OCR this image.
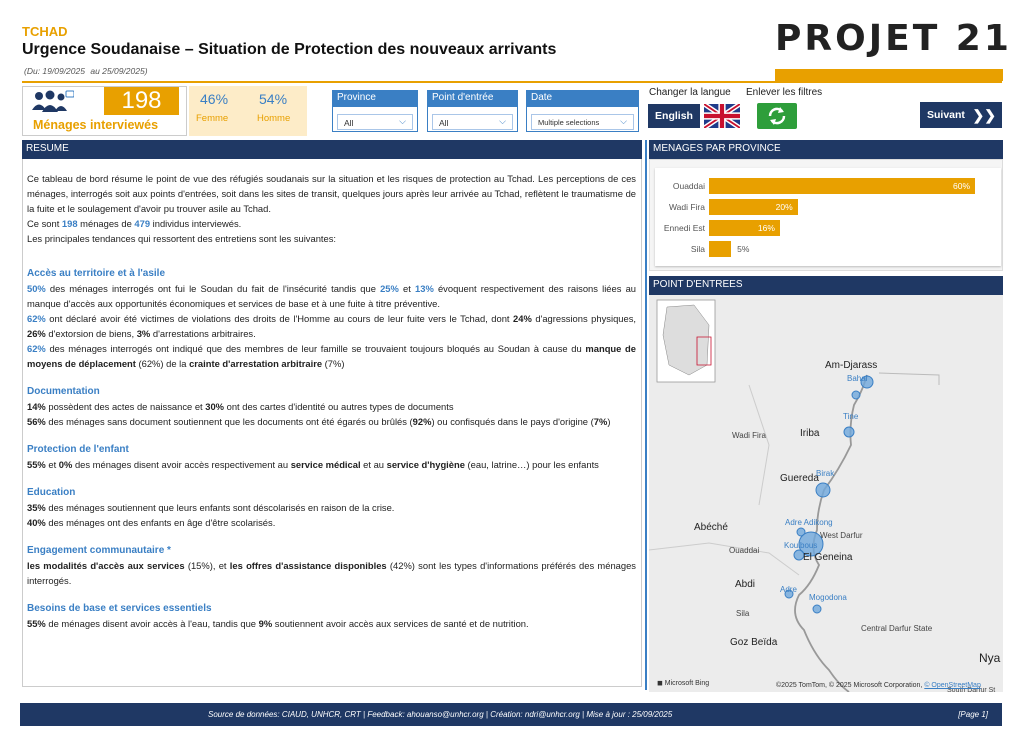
TCHAD
Urgence Soudanaise – Situation de Protection des nouveaux arrivants
(Du: 19/09/2025 au 25/09/2025)
PROJET 21
198
Ménages interviewés
46%
Femme
54%
Homme
Province
All	⌵
Point d'entrée
All	⌵
Date
Multiple selections ⌵
Changer la langue Enlever les filtres
English	Suivant ❯❯
RESUME

Ce tableau de bord résume le point de vue des réfugiés soudanais sur la situation et les risques de protection au Tchad. Les perceptions de ces ménages, interrogés soit aux points d'entrées, soit dans les sites de transit, quelques jours après leur arrivée au Tchad, reflètent le traumatisme de la fuite et le soulagement d'avoir pu trouver asile au Tchad.

Ce sont 198 ménages de 479 individus interviewés.

Les principales tendances qui ressortent des entretiens sont les suivantes:

Accès au territoire et à l'asile

50% des ménages interrogés ont fui le Soudan du fait de l'insécurité tandis que 25% et 13% évoquent respectivement des raisons liées au manque d'accès aux opportunités économiques et services de base et à une fuite à titre préventive.

62% ont déclaré avoir été victimes de violations des droits de l'Homme au cours de leur fuite vers le Tchad, dont 24% d'agressions physiques, 26% d'extorsion de biens, 3% d'arrestations arbitraires.

62% des ménages interrogés ont indiqué que des membres de leur famille se trouvaient toujours bloqués au Soudan à cause du manque de moyens de déplacement (62%) de la crainte d'arrestation arbitraire (7%)

Documentation

14% possèdent des actes de naissance et 30% ont des cartes d'identité ou autres types de documents

56% des ménages sans document soutiennent que les documents ont été égarés ou brûlés (92%) ou confisqués dans le pays d'origine (7%)

Protection de l'enfant

55% et 0% des ménages disent avoir accès respectivement au service médical et au service d'hygiène (eau, latrine…) pour les enfants

Education

35% des ménages soutiennent que leurs enfants sont déscolarisés en raison de la crise.

40% des ménages ont des enfants en âge d'être scolarisés.

Engagement communautaire *

les modalités d'accès aux services (15%), et les offres d'assistance disponibles (42%) sont les types d'informations préférés des ménages interrogés.

Besoins de base et services essentiels

55% de ménages disent avoir accès à l'eau, tandis que 9% soutiennent avoir accès aux services de santé et de nutrition.

MENAGES PAR PROVINCE
Ouaddai	60%
Wadi Fira	20%
Ennedi Est	16%
Sila	5%
POINT D'ENTREES
Am-Djarass
Bahai
Tine
Iriba
Wadi Fira
Birak
Guereda
Abéché	Adre Adikong
West Darfur
Ouaddai
Koulbous
El Geneina
Abdi	Adre
Mogodona
Sila
Central Darfur State
Goz Beïda
Nya
South Darfur St
◼ Microsoft Bing	©2025 TomTom, © 2025 Microsoft Corporation, © OpenStreetMap
Source de données: CIAUD, UNHCR, CRT | Feedback: ahouanso@unhcr.org | Création: ndri@unhcr.org | Mise à jour : 25/09/2025	[Page 1]
